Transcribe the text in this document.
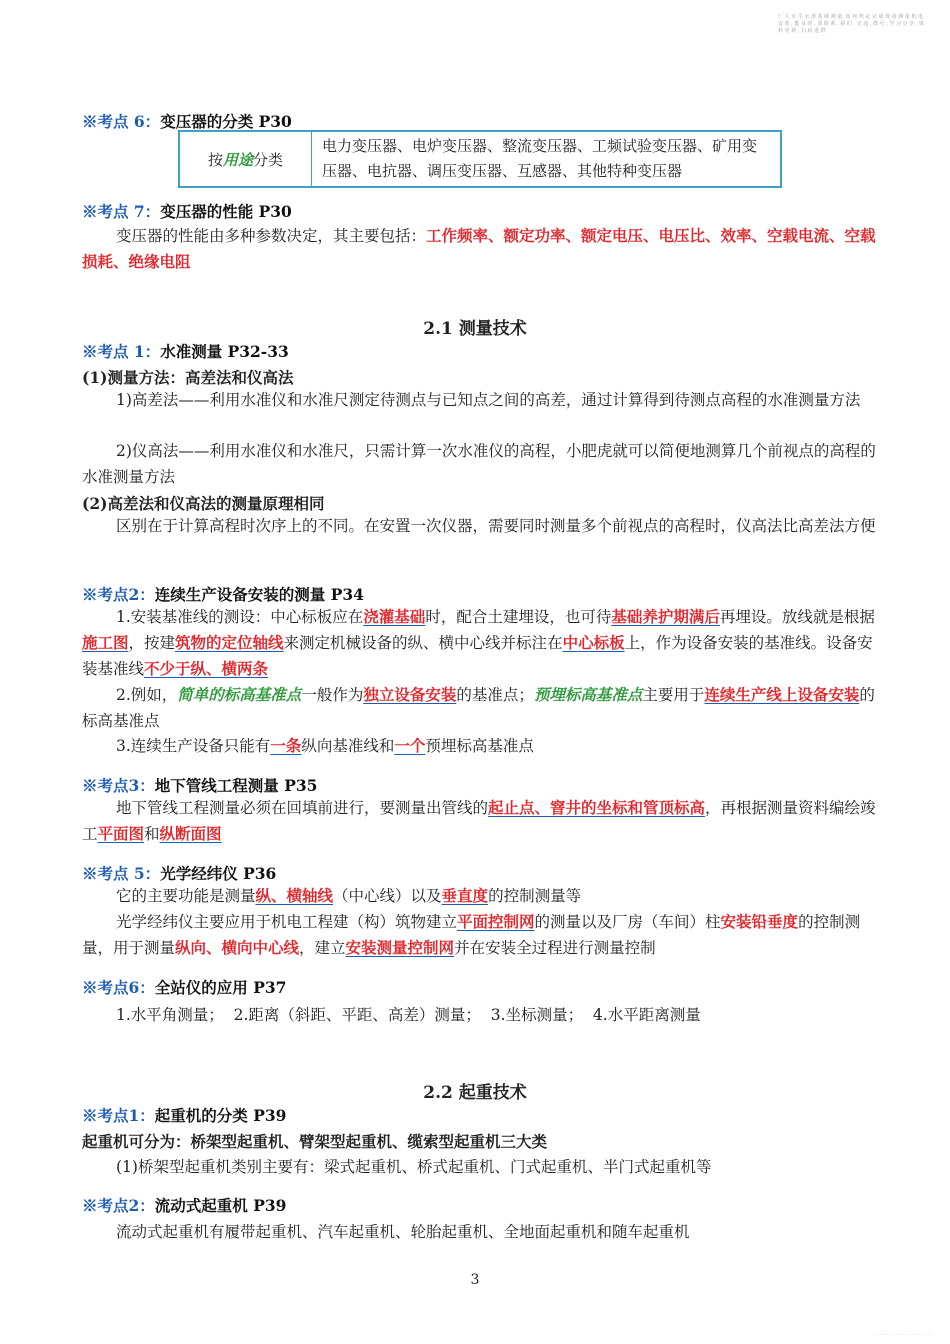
厂 人 水 平 水 准 基 础 测 量, 如 何 判 定 完 成 现 场 测 量 机 电 安 装 , 能 及 时 , 请 联 系 , 我 们 , 交 流 , 群 号 , 学 习 分 享 , 资 料 更 新 , 扫 码 进 群
※考点 6：变压器的分类 P30
按用途分类	电力变压器、电炉变压器、整流变压器、工频试验变压器、矿用变压器、电抗器、调压变压器、互感器、其他特种变压器
※考点 7：变压器的性能 P30
变压器的性能由多种参数决定，其主要包括：工作频率、额定功率、额定电压、电压比、效率、空载电流、空载损耗、绝缘电阻
2.1 测量技术
※考点 1：水准测量 P32-33
(1)测量方法：高差法和仪高法
1)高差法——利用水准仪和水准尺测定待测点与已知点之间的高差，通过计算得到待测点高程的水准测量方法
2)仪高法——利用水准仪和水准尺，只需计算一次水准仪的高程，小肥虎就可以简便地测算几个前视点的高程的水准测量方法
(2)高差法和仪高法的测量原理相同
区别在于计算高程时次序上的不同。在安置一次仪器，需要同时测量多个前视点的高程时，仪高法比高差法方便
※考点2：连续生产设备安装的测量 P34
1.安装基准线的测设：中心标板应在浇灌基础时，配合土建埋设，也可待基础养护期满后再埋设。放线就是根据施工图，按建筑物的定位轴线来测定机械设备的纵、横中心线并标注在中心标板上，作为设备安装的基准线。设备安装基准线不少于纵、横两条
2.例如，简单的标高基准点一般作为独立设备安装的基准点；预埋标高基准点主要用于连续生产线上设备安装的标高基准点
3.连续生产设备只能有一条纵向基准线和一个预埋标高基准点
※考点3：地下管线工程测量 P35
地下管线工程测量必须在回填前进行，要测量出管线的起止点、窨井的坐标和管顶标高，再根据测量资料编绘竣工平面图和纵断面图
※考点 5：光学经纬仪 P36
它的主要功能是测量纵、横轴线（中心线）以及垂直度的控制测量等
光学经纬仪主要应用于机电工程建（构）筑物建立平面控制网的测量以及厂房（车间）柱安装铅垂度的控制测量，用于测量纵向、横向中心线，建立安装测量控制网并在安装全过程进行测量控制
※考点6：全站仪的应用 P37
1.水平角测量；  2.距离（斜距、平距、高差）测量；  3.坐标测量；  4.水平距离测量
2.2 起重技术
※考点1：起重机的分类 P39
起重机可分为：桥架型起重机、臂架型起重机、缆索型起重机三大类
(1)桥架型起重机类别主要有：梁式起重机、桥式起重机、门式起重机、半门式起重机等
※考点2：流动式起重机 P39
流动式起重机有履带起重机、汽车起重机、轮胎起重机、全地面起重机和随车起重机
3
· · · · · · · · · · · · · · · · · · ·
